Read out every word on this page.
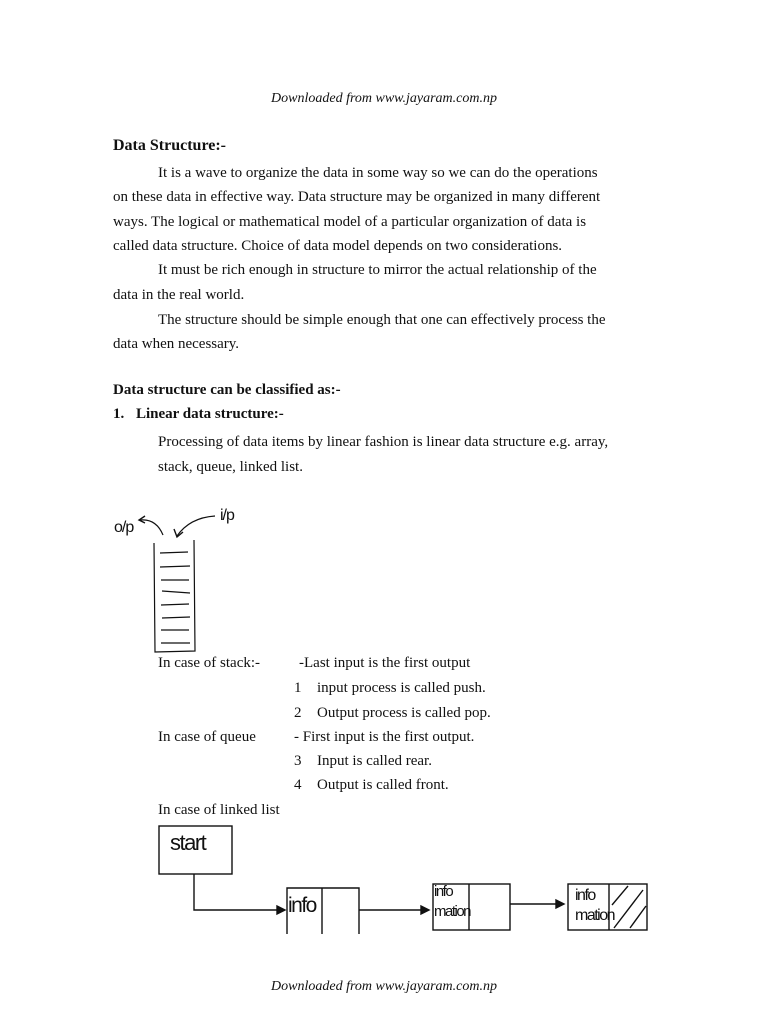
Downloaded from www.jayaram.com.np
Data Structure:-
It is a wave to organize the data in some way so we can do the operations
on these data in effective way. Data structure may be organized in many different
ways. The logical or mathematical model of a particular organization of data is
called data structure. Choice of data model depends on two considerations.
It must be rich enough in structure to mirror the actual relationship of the
data in the real world.
The structure should be simple enough that one can effectively process the
data when necessary.
Data structure can be classified as:-
1. Linear data structure:-
Processing of data items by linear fashion is linear data structure e.g. array,
stack, queue, linked list.
o/p
i/p
In case of stack:-	-Last input is the first output
1 input process is called push.
2 Output process is called pop.
In case of queue	- First input is the first output.
3 Input is called rear.
4 Output is called front.
In case of linked list
start
info
info
mation
info
mation
Downloaded from www.jayaram.com.np
